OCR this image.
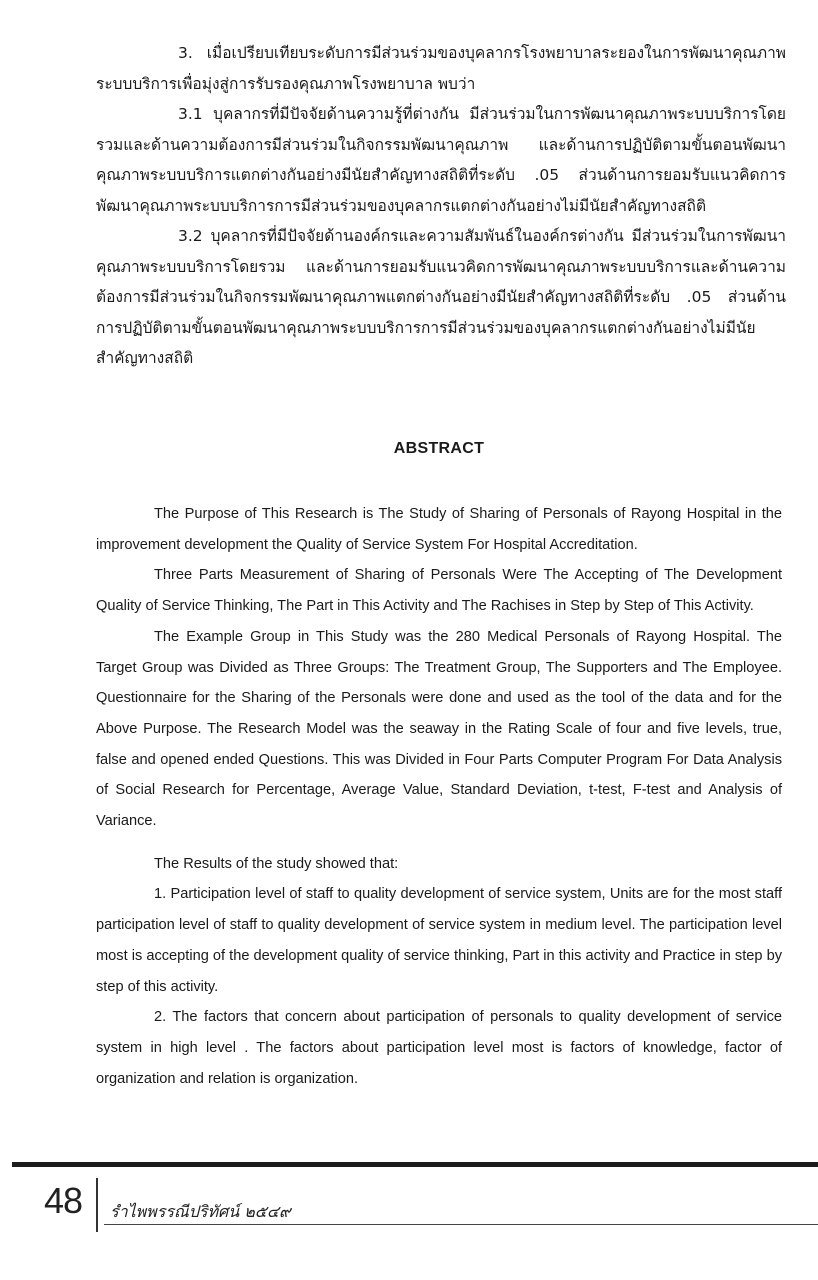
3. เมื่อเปรียบเทียบระดับการมีส่วนร่วมของบุคลากรโรงพยาบาลระยองในการพัฒนาคุณภาพระบบบริการเพื่อมุ่งสู่การรับรองคุณภาพโรงพยาบาล พบว่า

3.1 บุคลากรที่มีปัจจัยด้านความรู้ที่ต่างกัน มีส่วนร่วมในการพัฒนาคุณภาพระบบบริการโดยรวมและด้านความต้องการมีส่วนร่วมในกิจกรรมพัฒนาคุณภาพ และด้านการปฏิบัติตามขั้นตอนพัฒนาคุณภาพระบบบริการแตกต่างกันอย่างมีนัยสำคัญทางสถิติที่ระดับ .05 ส่วนด้านการยอมรับแนวคิดการพัฒนาคุณภาพระบบบริการการมีส่วนร่วมของบุคลากรแตกต่างกันอย่างไม่มีนัยสำคัญทางสถิติ

3.2 บุคลากรที่มีปัจจัยด้านองค์กรและความสัมพันธ์ในองค์กรต่างกัน มีส่วนร่วมในการพัฒนาคุณภาพระบบบริการโดยรวม และด้านการยอมรับแนวคิดการพัฒนาคุณภาพระบบบริการและด้านความต้องการมีส่วนร่วมในกิจกรรมพัฒนาคุณภาพแตกต่างกันอย่างมีนัยสำคัญทางสถิติที่ระดับ .05 ส่วนด้านการปฏิบัติตามขั้นตอนพัฒนาคุณภาพระบบบริการการมีส่วนร่วมของบุคลากรแตกต่างกันอย่างไม่มีนัยสำคัญทางสถิติ

ABSTRACT

The Purpose of This Research is The Study of Sharing of Personals of Rayong Hospital in the improvement development the Quality of Service System For Hospital Accreditation.

Three Parts Measurement of Sharing of Personals Were The Accepting of The Development Quality of Service Thinking, The Part in This Activity and The Rachises in Step by Step of This Activity.

The Example Group in This Study was the 280 Medical Personals of Rayong Hospital. The Target Group was Divided as Three Groups: The Treatment Group, The Supporters and The Employee. Questionnaire for the Sharing of the Personals were done and used as the tool of the data and for the Above Purpose. The Research Model was the seaway in the Rating Scale of four and five levels, true, false and opened ended Questions. This was Divided in Four Parts Computer Program For Data Analysis of Social Research for Percentage, Average Value, Standard Deviation, t-test, F-test and Analysis of Variance.

The Results of the study showed that:

1. Participation level of staff to quality development of service system, Units are for the most staff participation level of staff to quality development of service system in medium level. The participation level most is accepting of the development quality of service thinking, Part in this activity and Practice in step by step of this activity.

2. The factors that concern about participation of personals to quality development of service system in high level . The factors about participation level most is factors of knowledge, factor of organization and relation is organization.

48 รำไพพรรณีปริทัศน์ ๒๕๔๙
